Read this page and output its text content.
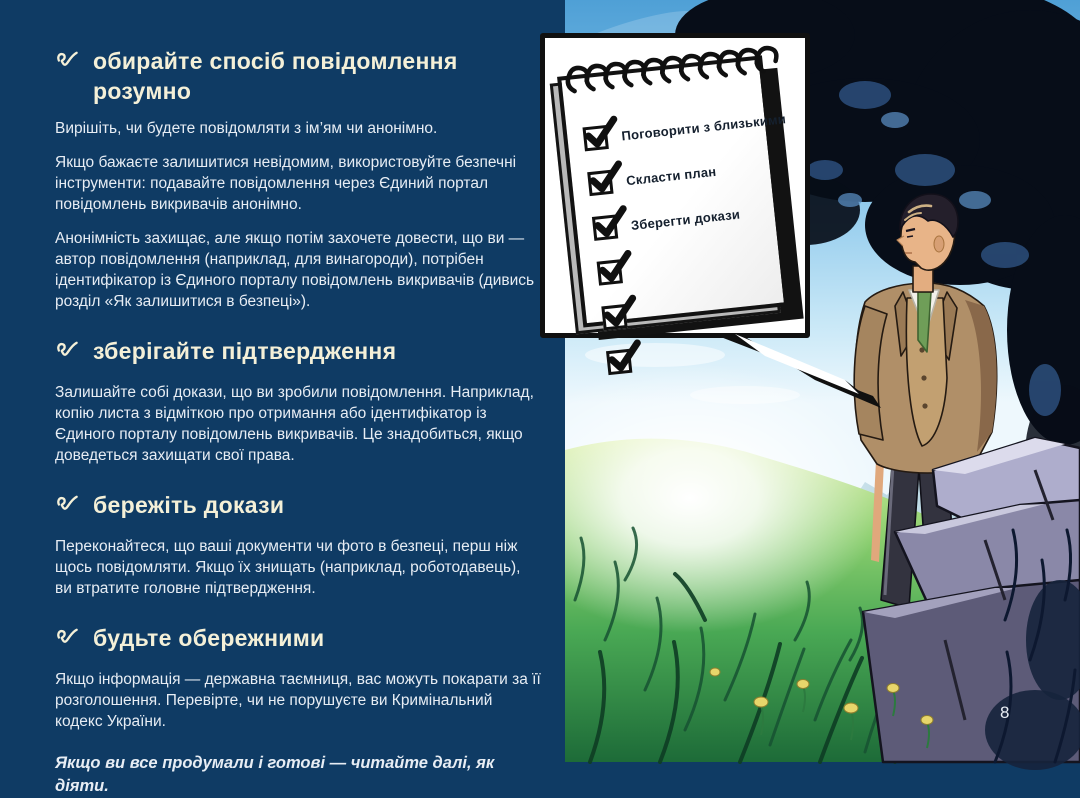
обирайте спосіб повідомлення розумно

Вирішіть, чи будете повідомляти з ім’ям чи анонімно.

Якщо бажаєте залишитися невідомим, використовуйте безпечні інструменти: подавайте повідомлення через Єдиний портал повідомлень викривачів анонімно.

Анонімність захищає, але якщо потім захочете довести, що ви — автор повідомлення (наприклад, для винагороди), потрібен ідентифікатор із Єдиного порталу повідомлень викривачів (дивись розділ «Як залишитися в безпеці»).

зберігайте підтвердження

Залишайте собі докази, що ви зробили повідомлення. Наприклад, копію листа з відміткою про отримання або ідентифікатор із Єдиного порталу повідомлень викривачів. Це знадобиться, якщо доведеться захищати свої права.

бережіть докази

Переконайтеся, що ваші документи чи фото в безпеці, перш ніж щось повідомляти. Якщо їх знищать (наприклад, роботодавець), ви втратите головне підтвердження.

будьте обережними

Якщо інформація — державна таємниця, вас можуть покарати за її розголошення. Перевірте, чи не порушуєте ви Кримінальний кодекс України.

Якщо ви все продумали і готові — читайте далі, як діяти.

8
Поговорити з близькими
Скласти план
Зберегти докази
